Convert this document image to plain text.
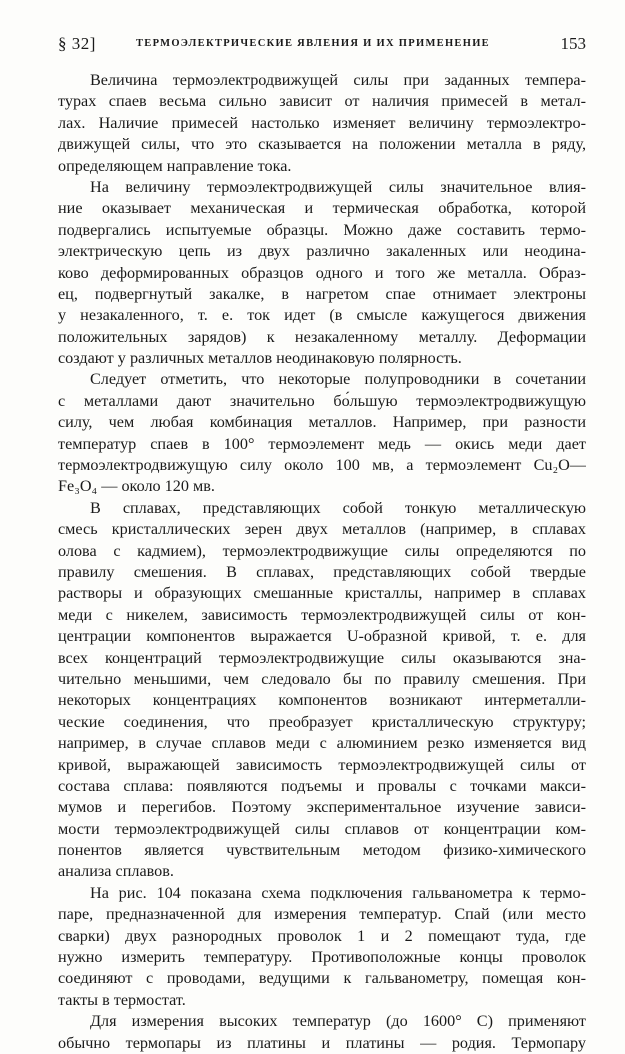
§ 32]	ТЕРМОЭЛЕКТРИЧЕСКИЕ ЯВЛЕНИЯ И ИХ ПРИМЕНЕНИЕ	153
Величина термоэлектродвижущей силы при заданных темпера-
турах спаев весьма сильно зависит от наличия примесей в метал-
лах. Наличие примесей настолько изменяет величину термоэлектро-
движущей силы, что это сказывается на положении металла в ряду,
определяющем направление тока.
На величину термоэлектродвижущей силы значительное влия-
ние оказывает механическая и термическая обработка, которой
подвергались испытуемые образцы. Можно даже составить термо-
электрическую цепь из двух различно закаленных или неодина-
ково деформированных образцов одного и того же металла. Образ-
ец, подвергнутый закалке, в нагретом спае отнимает электроны
у незакаленного, т. е. ток идет (в смысле кажущегося движения
положительных зарядов) к незакаленному металлу. Деформации
создают у различных металлов неодинаковую полярность.
Следует отметить, что некоторые полупроводники в сочетании
с металлами дают значительно бо́льшую термоэлектродвижущую
силу, чем любая комбинация металлов. Например, при разности
температур спаев в 100° термоэлемент медь — окись меди дает
термоэлектродвижущую силу около 100 мв, а термоэлемент Cu₂O—
Fe₃O₄ — около 120 мв.
В сплавах, представляющих собой тонкую металлическую
смесь кристаллических зерен двух металлов (например, в сплавах
олова с кадмием), термоэлектродвижущие силы определяются по
правилу смешения. В сплавах, представляющих собой твердые
растворы и образующих смешанные кристаллы, например в сплавах
меди с никелем, зависимость термоэлектродвижущей силы от кон-
центрации компонентов выражается U-образной кривой, т. е. для
всех концентраций термоэлектродвижущие силы оказываются зна-
чительно меньшими, чем следовало бы по правилу смешения. При
некоторых концентрациях компонентов возникают интерметалли-
ческие соединения, что преобразует кристаллическую структуру;
например, в случае сплавов меди с алюминием резко изменяется вид
кривой, выражающей зависимость термоэлектродвижущей силы от
состава сплава: появляются подъемы и провалы с точками макси-
мумов и перегибов. Поэтому экспериментальное изучение зависи-
мости термоэлектродвижущей силы сплавов от концентрации ком-
понентов является чувствительным методом физико-химического
анализа сплавов.
На рис. 104 показана схема подключения гальванометра к термо-
паре, предназначенной для измерения температур. Спай (или место
сварки) двух разнородных проволок 1 и 2 помещают туда, где
нужно измерить температуру. Противоположные концы проволок
соединяют с проводами, ведущими к гальванометру, помещая кон-
такты в термостат.
Для измерения высоких температур (до 1600° С) применяют
обычно термопары из платины и платины — родия. Термопару
